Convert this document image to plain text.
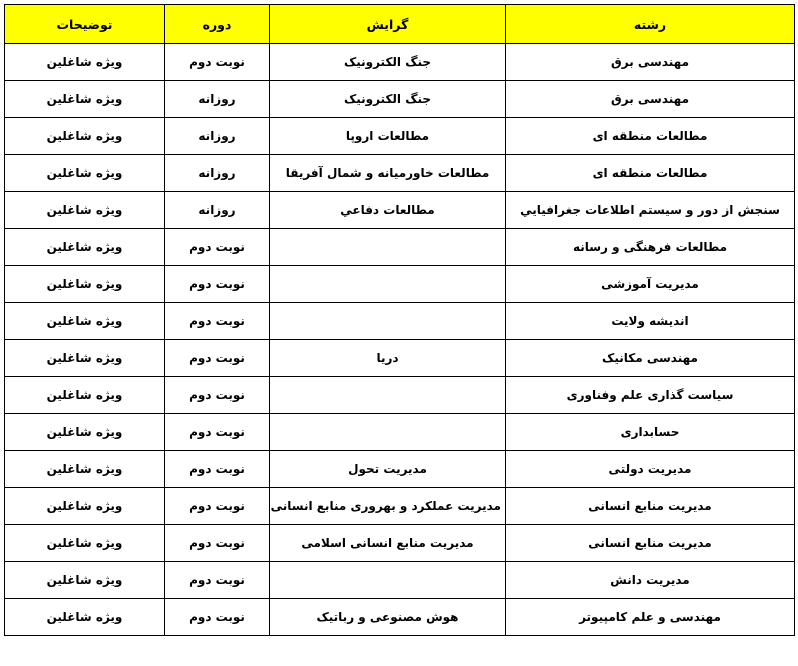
رشته	گرایش	دوره	توضیحات
مهندسی برق	جنگ الکترونیک	نوبت دوم	ویژه شاغلین
مهندسی برق	جنگ الکترونیک	روزانه	ویژه شاغلین
مطالعات منطقه ای	مطالعات اروپا	روزانه	ویژه شاغلین
مطالعات منطقه ای	مطالعات خاورمیانه و شمال آفریقا	روزانه	ویژه شاغلین
سنجش از دور و سیستم اطلاعات جغرافیایي	مطالعات دفاعي	روزانه	ویژه شاغلین
مطالعات فرهنگی و رسانه		نوبت دوم	ویژه شاغلین
مدیریت آموزشی		نوبت دوم	ویژه شاغلین
اندیشه ولایت		نوبت دوم	ویژه شاغلین
مهندسی مکانیک	دریا	نوبت دوم	ویژه شاغلین
سیاست گذاری علم وفناوری		نوبت دوم	ویژه شاغلین
حسابداری		نوبت دوم	ویژه شاغلین
مدیریت دولتی	مدیریت تحول	نوبت دوم	ویژه شاغلین
مدیریت منابع انسانی	مدیریت عملکرد و بهروری منابع انسانی	نوبت دوم	ویژه شاغلین
مدیریت منابع انسانی	مدیریت منابع انسانی اسلامی	نوبت دوم	ویژه شاغلین
مدیریت دانش		نوبت دوم	ویژه شاغلین
مهندسی و علم کامپیوتر	هوش مصنوعی و رباتیک	نوبت دوم	ویژه شاغلین
